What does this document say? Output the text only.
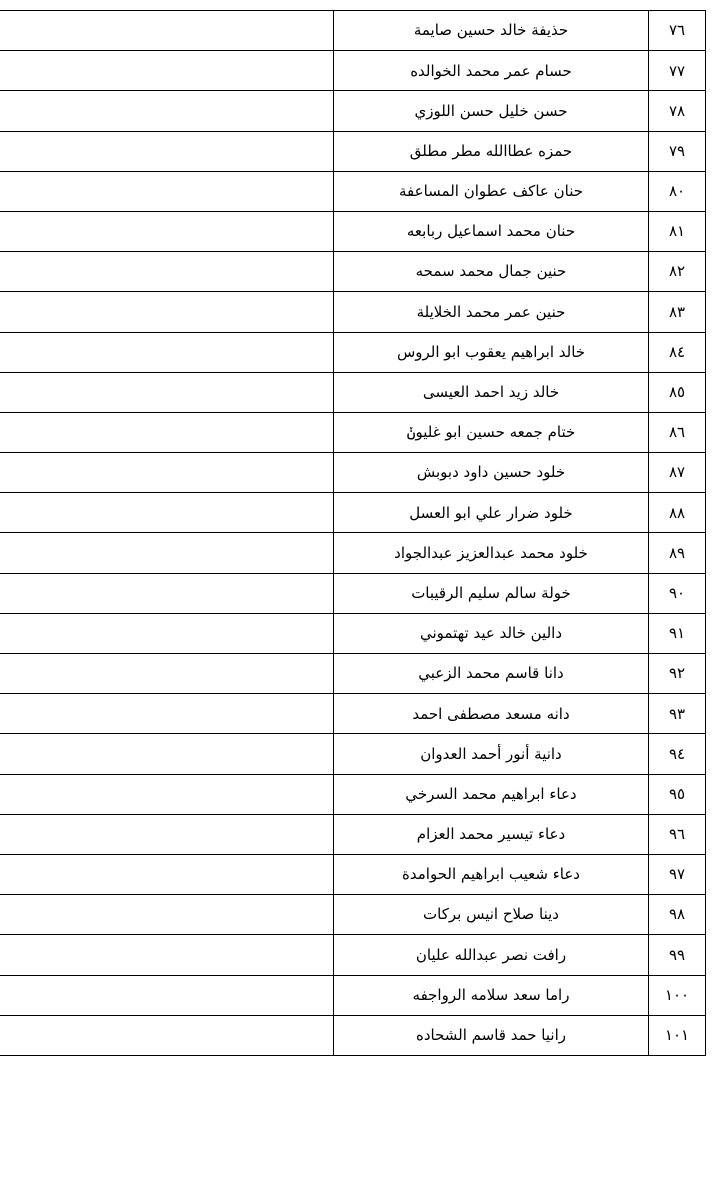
٧٦	حذيفة خالد حسين صايمة	
٧٧	حسام عمر محمد الخوالده	
٧٨	حسن خليل حسن اللوزي	
٧٩	حمزه عطاالله مطر مطلق	
٨٠	حنان عاكف عطوان المساعفة	
٨١	حنان محمد اسماعيل ربابعه	
٨٢	حنين جمال محمد سمحه	
٨٣	حنين عمر محمد الخلايلة	
٨٤	خالد ابراهيم يعقوب ابو الروس	
٨٥	خالد زيد احمد العيسى	
٨٦	ختام جمعه حسين ابو غليوݩ	
٨٧	خلود حسين داود دبوبش	
٨٨	خلود ضرار علي ابو العسل	
٨٩	خلود محمد عبدالعزيز عبدالجواد	
٩٠	خولة سالم سليم الرقيبات	
٩١	دالين خالد عيد تهتموني	
٩٢	دانا قاسم محمد الزعبي	
٩٣	دانه مسعد مصطفى احمد	
٩٤	دانية أنور أحمد العدوان	
٩٥	دعاء ابراهيم محمد السرخي	
٩٦	دعاء تيسير محمد العزام	
٩٧	دعاء شعيب ابراهيم الحوامدة	
٩٨	دينا صلاح انيس بركات	
٩٩	رافت نصر عبدالله عليان	
١٠٠	راما سعد سلامه الرواجفه	
١٠١	رانيا حمد قاسم الشحاده	
